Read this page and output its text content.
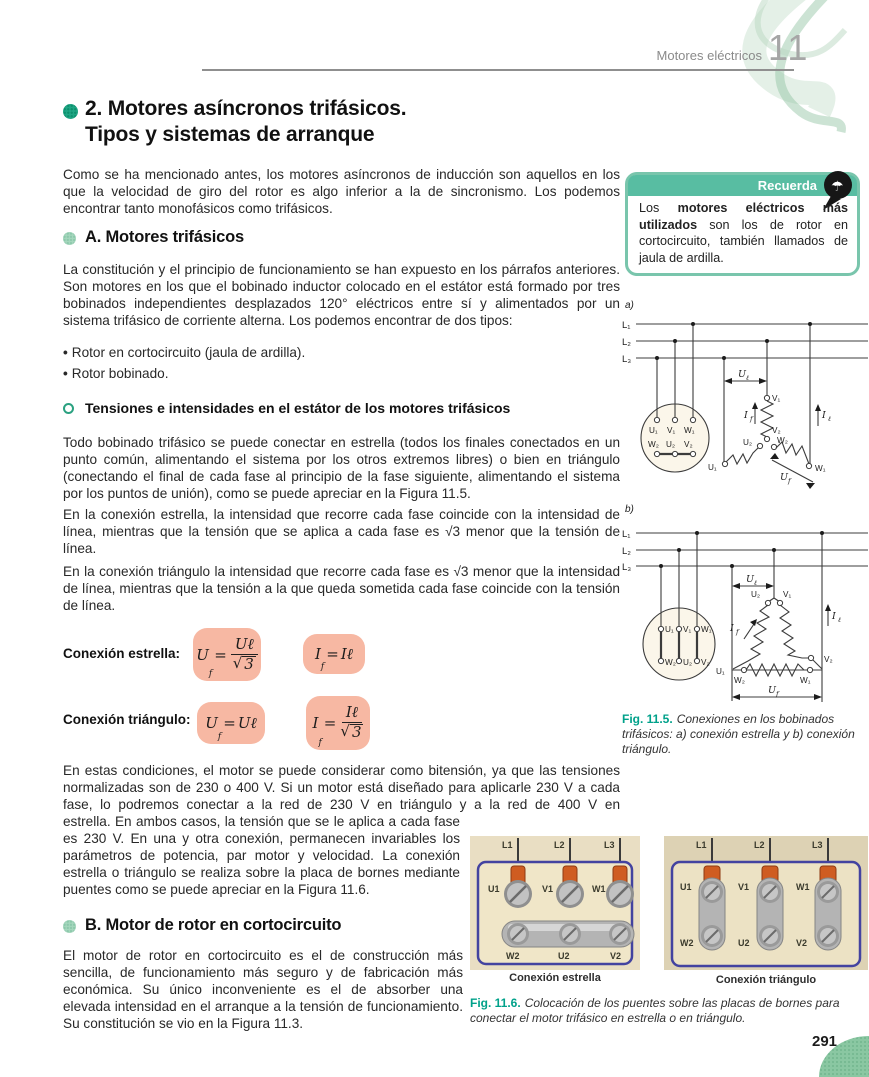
Motores eléctricos 11
2. Motores asíncronos trifásicos.
Tipos y sistemas de arranque

Como se ha mencionado antes, los motores asíncronos de inducción son aquellos en los que la velocidad de giro del rotor es algo inferior a la de sincronismo. Los podemos encontrar tanto monofásicos como trifásicos.

A. Motores trifásicos

La constitución y el principio de funcionamiento se han expuesto en los párrafos anteriores. Son motores en los que el bobinado inductor colocado en el estátor está formado por tres bobinados independientes desplazados 120° eléctricos entre sí y alimentados por un sistema trifásico de corriente alterna. Los podemos encontrar de dos tipos:

• Rotor en cortocircuito (jaula de ardilla).
• Rotor bobinado.
Tensiones e intensidades en el estátor de los motores trifásicos

Todo bobinado trifásico se puede conectar en estrella (todos los finales conectados en un punto común, alimentando el sistema por los otros extremos libres) o bien en triángulo (conectando el final de cada fase al principio de la fase siguiente, alimentando el sistema por los puntos de unión), como se puede apreciar en la Figura 11.5.

En la conexión estrella, la intensidad que recorre cada fase coincide con la intensidad de línea, mientras que la tensión que se aplica a cada fase es √3 menor que la tensión de línea.

En la conexión triángulo la intensidad que recorre cada fase es √3 menor que la intensidad de línea, mientras que la tensión a la que queda sometida cada fase coincide con la tensión de línea.

Conexión estrella: U
f
= $\frac{\text{Uℓ}}{√ 3}$	I
f
= Iℓ
Conexión triángulo: U
f
= Uℓ	I
f
= $\frac{\text{Iℓ}}{√ 3}$

En estas condiciones, el motor se puede considerar como bitensión, ya que las tensiones normalizadas son de 230 o 400 V. Si un motor está diseñado para aplicarle 230 V a cada fase, lo podremos conectar a la red de 230 V en triángulo y a la red de 400 V en

estrella. En ambos casos, la tensión que se le aplica a cada fase es 230 V. En una y otra conexión, permanecen invariables los parámetros de potencia, par motor y velocidad. La conexión estrella o triángulo se realiza sobre la placa de bornes mediante puentes como se puede apreciar en la Figura 11.6.

B. Motor de rotor en cortocircuito

El motor de rotor en cortocircuito es el de construcción más sencilla, de funcionamiento más seguro y de fabricación más económica. Su único inconveniente es el de absorber una elevada intensidad en el arranque a la tensión de funcionamiento. Su constitución se vio en la Figura 11.3.

Recuerda	☂

Los motores eléctricos más utilizados son los de rotor en cortocircuito, también llamados de jaula de ardilla.

a)
L₁
L₂
L₃
U₁ V₁ W₁
W₂ U₂ V₂
U ℓ
V₁
V₂
I f
U₂	W₂
U₁	W₁
I ℓ
U f
b)
L₁
L₂
L₃
U₁ V₁ W₁
W₂ U₂ V₂
U ℓ
U₂	V₁
V₂
U₁
W₂	W₁
I f
I ℓ
U f

Fig. 11.5. Conexiones en los bobinados trifásicos: a) conexión estrella y b) conexión triángulo.

L1	L2	L3
U1	V1	W1
W2	U2	V2
Conexión estrella
L1	L2	L3
U1	V1	W1
W2	U2	V2
Conexión triángulo

Fig. 11.6. Colocación de los puentes sobre las placas de bornes para conectar el motor trifásico en estrella o en triángulo.

291
